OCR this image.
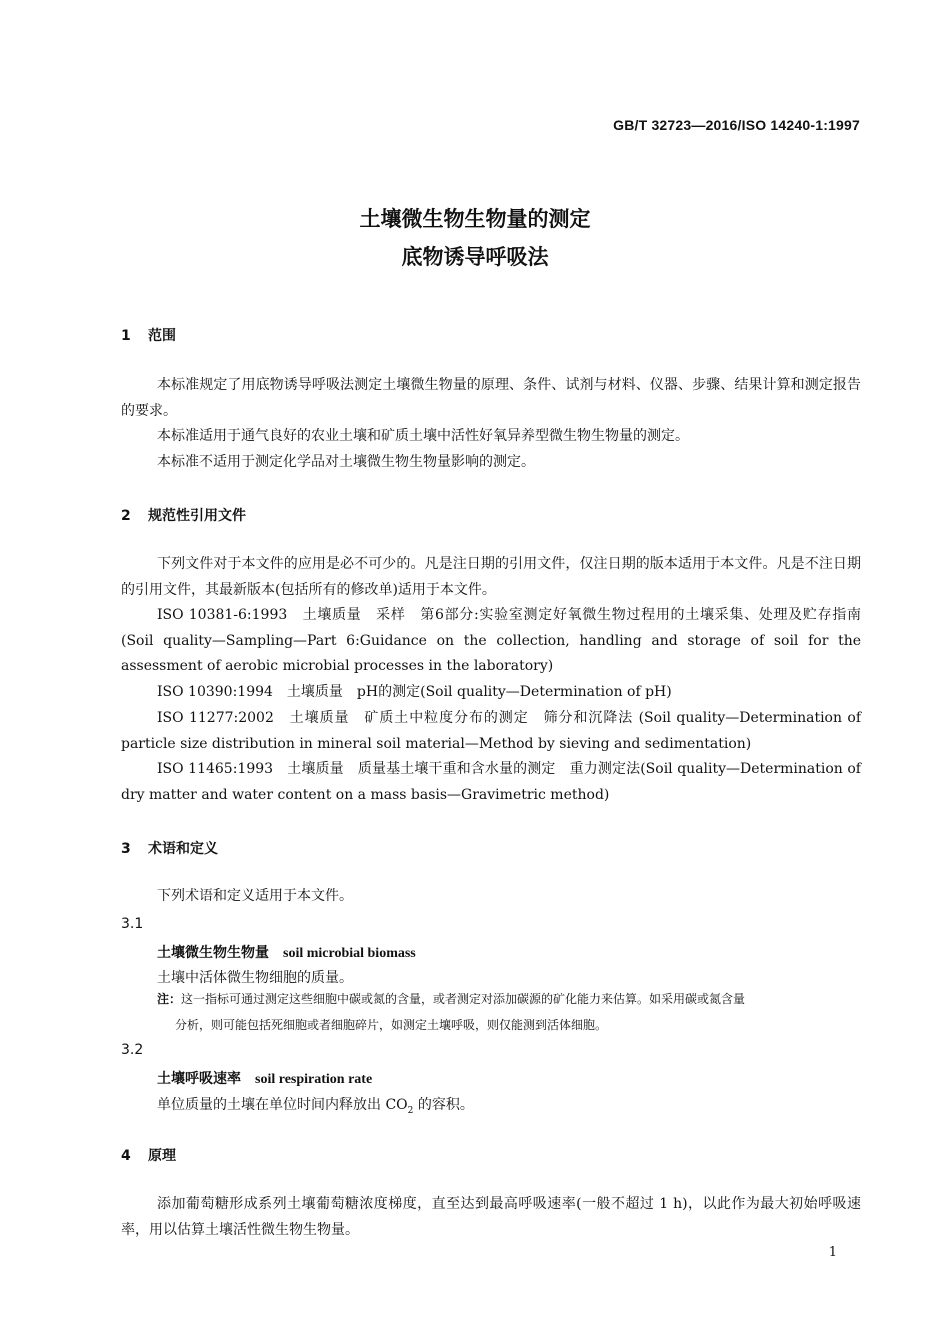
GB/T 32723—2016/ISO 14240-1:1997
土壤微生物生物量的测定
底物诱导呼吸法
1 范围
本标准规定了用底物诱导呼吸法测定土壤微生物量的原理、条件、试剂与材料、仪器、步骤、结果计算和测定报告的要求。
本标准适用于通气良好的农业土壤和矿质土壤中活性好氧异养型微生物生物量的测定。
本标准不适用于测定化学品对土壤微生物生物量影响的测定。
2 规范性引用文件
下列文件对于本文件的应用是必不可少的。凡是注日期的引用文件，仅注日期的版本适用于本文件。凡是不注日期的引用文件，其最新版本(包括所有的修改单)适用于本文件。
ISO 10381-6:1993　土壤质量　采样　第6部分:实验室测定好氧微生物过程用的土壤采集、处理及贮存指南(Soil quality—Sampling—Part 6:Guidance on the collection, handling and storage of soil for the assessment of aerobic microbial processes in the laboratory)
ISO 10390:1994　土壤质量　pH的测定(Soil quality—Determination of pH)
ISO 11277:2002　土壤质量　矿质土中粒度分布的测定　筛分和沉降法 (Soil quality—Determination of particle size distribution in mineral soil material—Method by sieving and sedimentation)
ISO 11465:1993　土壤质量　质量基土壤干重和含水量的测定　重力测定法(Soil quality—Determination of dry matter and water content on a mass basis—Gravimetric method)
3 术语和定义
下列术语和定义适用于本文件。
3.1
土壤微生物生物量 soil microbial biomass
土壤中活体微生物细胞的质量。
注：这一指标可通过测定这些细胞中碳或氮的含量，或者测定对添加碳源的矿化能力来估算。如采用碳或氮含量
分析，则可能包括死细胞或者细胞碎片，如测定土壤呼吸，则仅能测到活体细胞。
3.2
土壤呼吸速率 soil respiration rate
单位质量的土壤在单位时间内释放出 $CO_2$ 的容积。
4 原理
添加葡萄糖形成系列土壤葡萄糖浓度梯度，直至达到最高呼吸速率(一般不超过 1 h)，以此作为最大初始呼吸速率，用以估算土壤活性微生物生物量。
1
